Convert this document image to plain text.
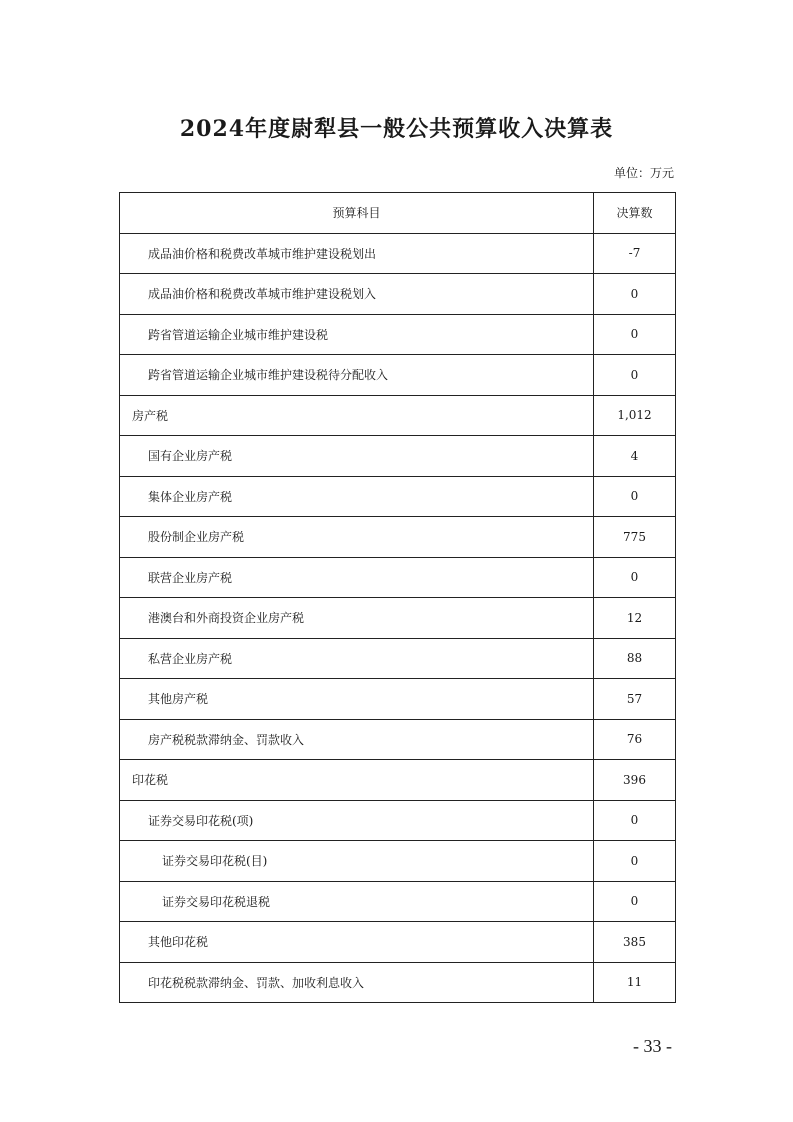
2024年度尉犁县一般公共预算收入决算表
单位：万元
预算科目	决算数
成品油价格和税费改革城市维护建设税划出	-7
成品油价格和税费改革城市维护建设税划入	0
跨省管道运输企业城市维护建设税	0
跨省管道运输企业城市维护建设税待分配收入	0
房产税	1,012
国有企业房产税	4
集体企业房产税	0
股份制企业房产税	775
联营企业房产税	0
港澳台和外商投资企业房产税	12
私营企业房产税	88
其他房产税	57
房产税税款滞纳金、罚款收入	76
印花税	396
证券交易印花税(项)	0
证券交易印花税(目)	0
证券交易印花税退税	0
其他印花税	385
印花税税款滞纳金、罚款、加收利息收入	11
- 33 -
